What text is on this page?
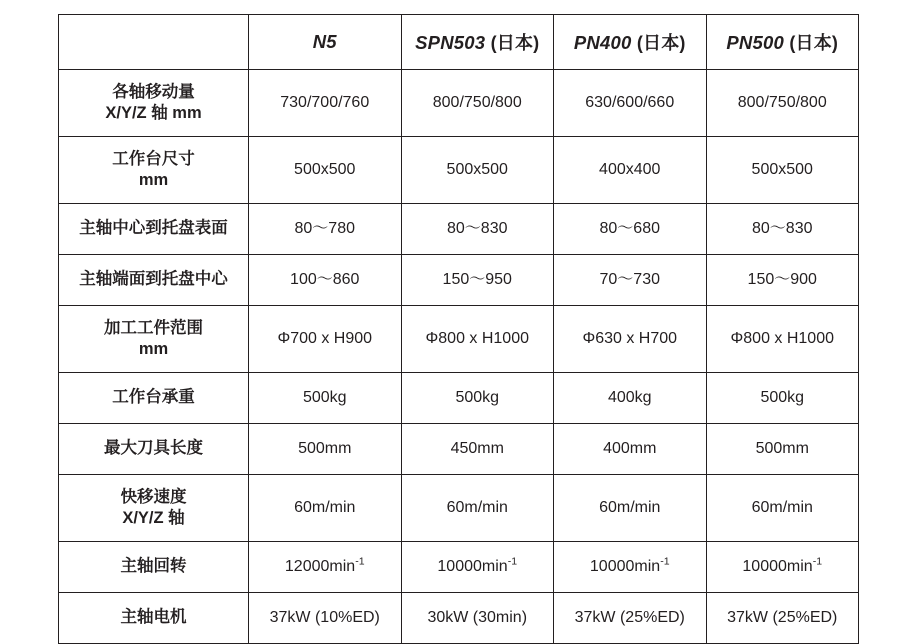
	N5	SPN503 (日本)	PN400 (日本)	PN500 (日本)

各轴移动量
X/Y/Z 轴 mm	730/700/760	800/750/800	630/600/660	800/750/800

工作台尺寸
mm	500x500	500x500	400x400	500x500

主轴中心到托盘表面	80～780	80～830	80～680	80～830

主轴端面到托盘中心	100～860	150～950	70～730	150～900

加工工件范围
mm	Φ700 x H900	Φ800 x H1000	Φ630 x H700	Φ800 x H1000

工作台承重	500kg	500kg	400kg	500kg

最大刀具长度	500mm	450mm	400mm	500mm

快移速度
X/Y/Z 轴	60m/min	60m/min	60m/min	60m/min

主轴回转	$12000\min^{-1}$	$10000\min^{-1}$	$10000\min^{-1}$	$10000\min^{-1}$

主轴电机	37kW (10%ED)	30kW (30min)	37kW (25%ED)	37kW (25%ED)
